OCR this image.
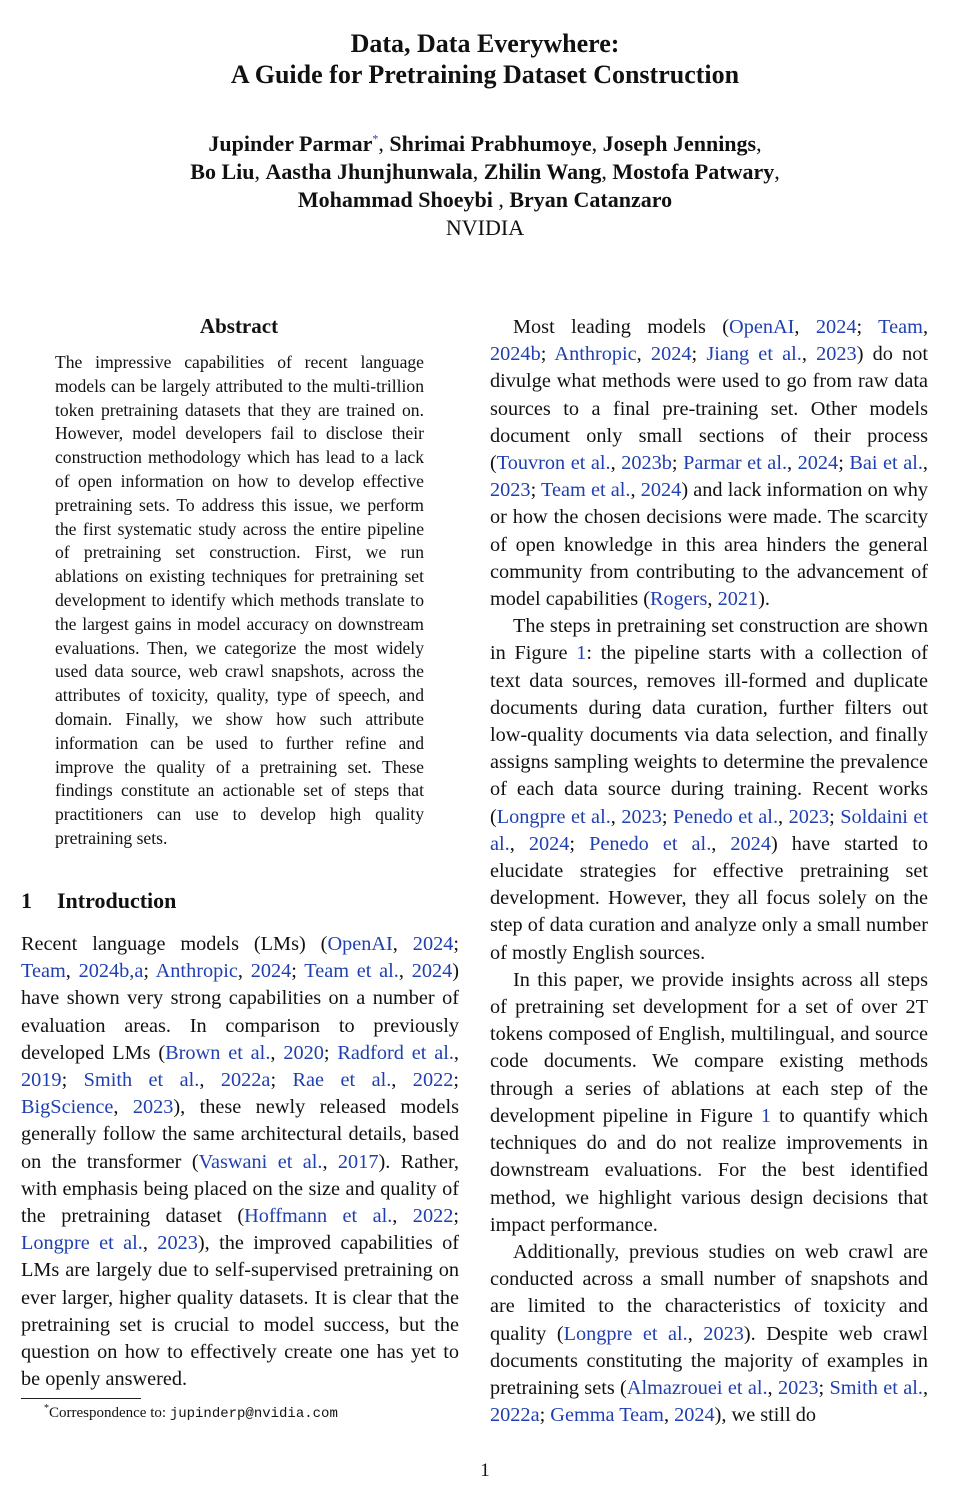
Data, Data Everywhere:
A Guide for Pretraining Dataset Construction
Jupinder Parmar*, Shrimai Prabhumoye, Joseph Jennings,
Bo Liu, Aastha Jhunjhunwala, Zhilin Wang, Mostofa Patwary,
Mohammad Shoeybi , Bryan Catanzaro
NVIDIA
Abstract
The impressive capabilities of recent language models can be largely attributed to the multi-trillion token pretraining datasets that they are trained on. However, model developers fail to disclose their construction methodology which has lead to a lack of open information on how to develop effective pretraining sets. To address this issue, we perform the first systematic study across the entire pipeline of pretraining set construction. First, we run ablations on existing techniques for pretraining set development to identify which methods translate to the largest gains in model accuracy on downstream evaluations. Then, we categorize the most widely used data source, web crawl snapshots, across the attributes of toxicity, quality, type of speech, and domain. Finally, we show how such attribute information can be used to further refine and improve the quality of a pretraining set. These findings constitute an actionable set of steps that practitioners can use to develop high quality pretraining sets.
1 Introduction

Recent language models (LMs) (OpenAI, 2024; Team, 2024b,a; Anthropic, 2024; Team et al., 2024) have shown very strong capabilities on a number of evaluation areas. In comparison to previously developed LMs (Brown et al., 2020; Radford et al., 2019; Smith et al., 2022a; Rae et al., 2022; BigScience, 2023), these newly released models generally follow the same architectural details, based on the transformer (Vaswani et al., 2017). Rather, with emphasis being placed on the size and quality of the pretraining dataset (Hoffmann et al., 2022; Longpre et al., 2023), the improved capabilities of LMs are largely due to self-supervised pretraining on ever larger, higher quality datasets. It is clear that the pretraining set is crucial to model success, but the question on how to effectively create one has yet to be openly answered.

Most leading models (OpenAI, 2024; Team, 2024b; Anthropic, 2024; Jiang et al., 2023) do not divulge what methods were used to go from raw data sources to a final pre-training set. Other models document only small sections of their process (Touvron et al., 2023b; Parmar et al., 2024; Bai et al., 2023; Team et al., 2024) and lack information on why or how the chosen decisions were made. The scarcity of open knowledge in this area hinders the general community from contributing to the advancement of model capabilities (Rogers, 2021).

The steps in pretraining set construction are shown in Figure 1: the pipeline starts with a collection of text data sources, removes ill-formed and duplicate documents during data curation, further filters out low-quality documents via data selection, and finally assigns sampling weights to determine the prevalence of each data source during training. Recent works (Longpre et al., 2023; Penedo et al., 2023; Soldaini et al., 2024; Penedo et al., 2024) have started to elucidate strategies for effective pretraining set development. However, they all focus solely on the step of data curation and analyze only a small number of mostly English sources.

In this paper, we provide insights across all steps of pretraining set development for a set of over 2T tokens composed of English, multilingual, and source code documents. We compare existing methods through a series of ablations at each step of the development pipeline in Figure 1 to quantify which techniques do and do not realize improvements in downstream evaluations. For the best identified method, we highlight various design decisions that impact performance.

Additionally, previous studies on web crawl are conducted across a small number of snapshots and are limited to the characteristics of toxicity and quality (Longpre et al., 2023). Despite web crawl documents constituting the majority of examples in pretraining sets (Almazrouei et al., 2023; Smith et al., 2022a; Gemma Team, 2024), we still do

*Correspondence to: jupinderp@nvidia.com
1
